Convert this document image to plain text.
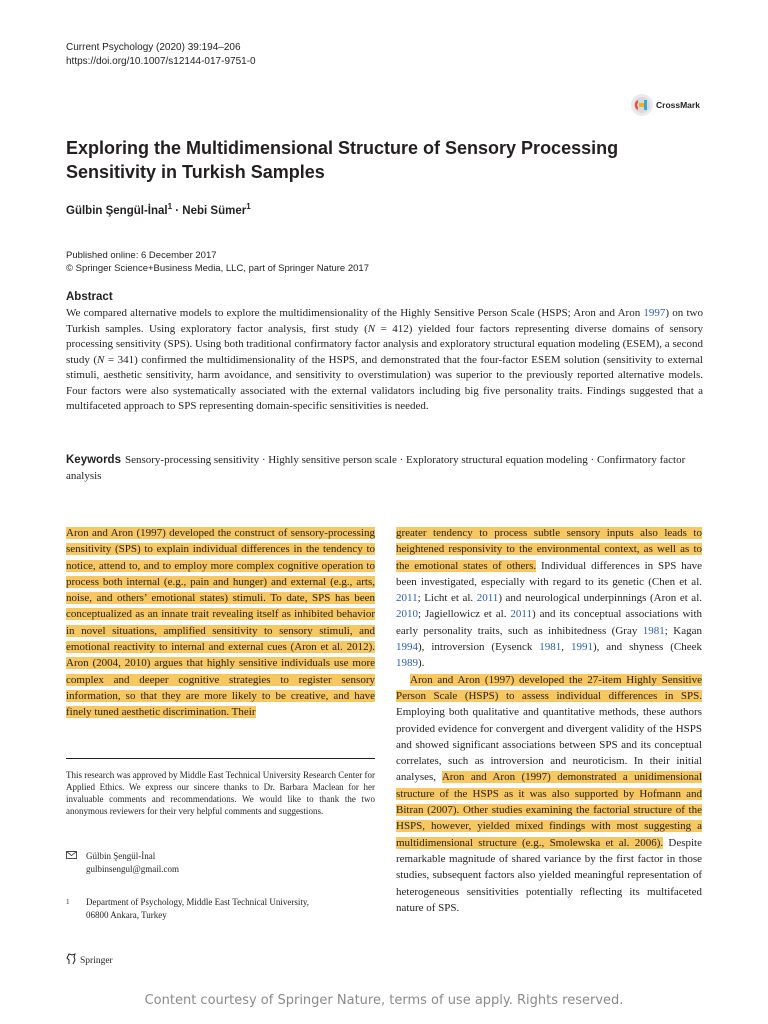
Current Psychology (2020) 39:194–206
https://doi.org/10.1007/s12144-017-9751-0
CrossMark
Exploring the Multidimensional Structure of Sensory Processing Sensitivity in Turkish Samples
Gülbin Şengül-İnal$^1$ · Nebi Sümer$^1$
Published online: 6 December 2017
© Springer Science+Business Media, LLC, part of Springer Nature 2017
Abstract
We compared alternative models to explore the multidimensionality of the Highly Sensitive Person Scale (HSPS; Aron and Aron 1997) on two Turkish samples. Using exploratory factor analysis, first study (N = 412) yielded four factors representing diverse domains of sensory processing sensitivity (SPS). Using both traditional confirmatory factor analysis and exploratory structural equation modeling (ESEM), a second study (N = 341) confirmed the multidimensionality of the HSPS, and demonstrated that the four-factor ESEM solution (sensitivity to external stimuli, aesthetic sensitivity, harm avoidance, and sensitivity to overstimulation) was superior to the previously reported alternative models. Four factors were also systematically associated with the external validators including big five personality traits. Findings suggested that a multifaceted approach to SPS representing domain-specific sensitivities is needed.
Keywords Sensory-processing sensitivity · Highly sensitive person scale · Exploratory structural equation modeling · Confirmatory factor analysis

Aron and Aron (1997) developed the construct of sensory-processing sensitivity (SPS) to explain individual differences in the tendency to notice, attend to, and to employ more complex cognitive operation to process both internal (e.g., pain and hunger) and external (e.g., arts, noise, and others’ emotional states) stimuli. To date, SPS has been conceptualized as an innate trait revealing itself as inhibited behavior in novel situations, amplified sensitivity to sensory stimuli, and emotional reactivity to internal and external cues (Aron et al. 2012). Aron (2004, 2010) argues that highly sensitive individuals use more complex and deeper cognitive strategies to register sensory information, so that they are more likely to be creative, and have finely tuned aesthetic discrimination. Their

greater tendency to process subtle sensory inputs also leads to heightened responsivity to the environmental context, as well as to the emotional states of others. Individual differences in SPS have been investigated, especially with regard to its genetic (Chen et al. 2011; Licht et al. 2011) and neurological underpinnings (Aron et al. 2010; Jagiellowicz et al. 2011) and its conceptual associations with early personality traits, such as inhibitedness (Gray 1981; Kagan 1994), introversion (Eysenck 1981, 1991), and shyness (Cheek 1989).

Aron and Aron (1997) developed the 27-item Highly Sensitive Person Scale (HSPS) to assess individual differences in SPS. Employing both qualitative and quantitative methods, these authors provided evidence for convergent and divergent validity of the HSPS and showed significant associations between SPS and its conceptual correlates, such as introversion and neuroticism. In their initial analyses, Aron and Aron (1997) demonstrated a unidimensional structure of the HSPS as it was also supported by Hofmann and Bitran (2007). Other studies examining the factorial structure of the HSPS, however, yielded mixed findings with most suggesting a multidimensional structure (e.g., Smolewska et al. 2006). Despite remarkable magnitude of shared variance by the first factor in those studies, subsequent factors also yielded meaningful representation of heterogeneous sensitivities potentially reflecting its multifaceted nature of SPS.

This research was approved by Middle East Technical University Research Center for Applied Ethics. We express our sincere thanks to Dr. Barbara Maclean for her invaluable comments and recommendations. We would like to thank the two anonymous reviewers for their very helpful comments and suggestions.
Gülbin Şengül-İnal
gulbinsengul@gmail.com
1	Department of Psychology, Middle East Technical University,
06800 Ankara, Turkey
Springer
Content courtesy of Springer Nature, terms of use apply. Rights reserved.
